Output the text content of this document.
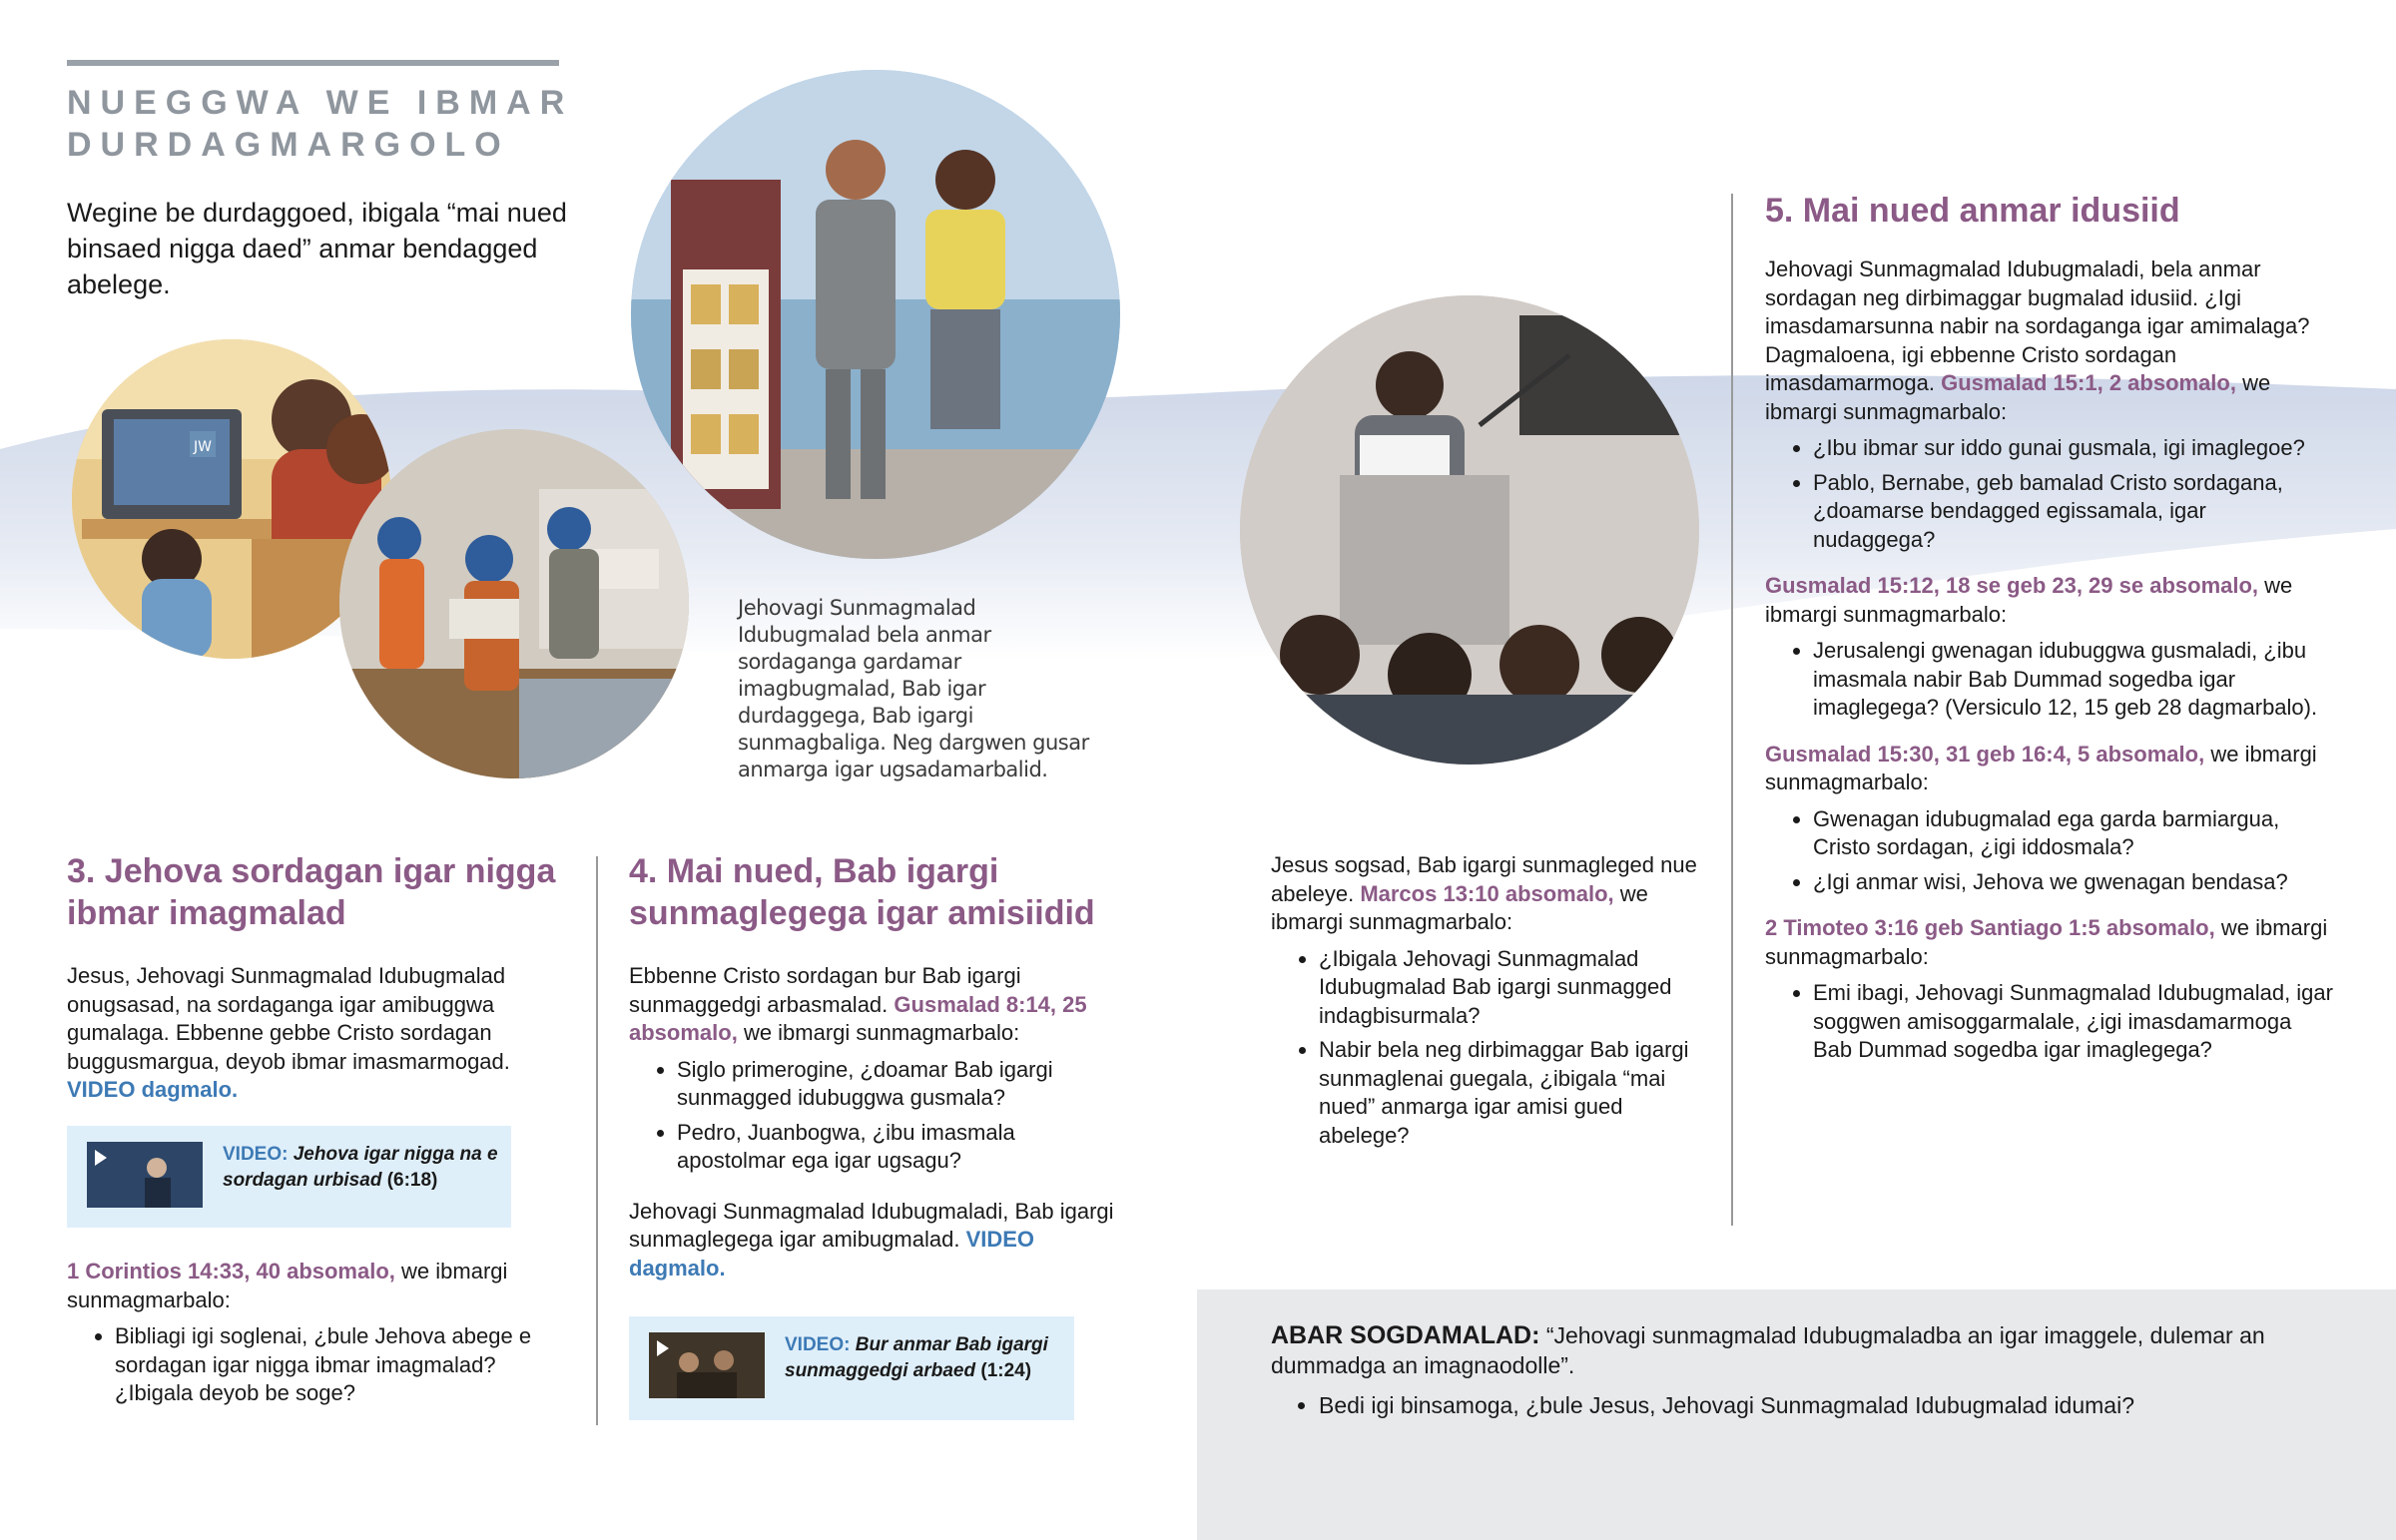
NUEGGWA WE IBMAR
DURDAGMARGOLO
Wegine be durdaggoed, ibigala “mai nued binsaed nigga daed” anmar bendagged abelege.
JW
Jehovagi Sunmagmalad Idubugmalad bela anmar sordaganga gardamar imagbugmalad, Bab igar durdaggega, Bab igargi sunmagbaliga. Neg dargwen gusar anmarga igar ugsadamarbalid.
3. Jehova sordagan igar nigga ibmar imagmalad

Jesus, Jehovagi Sunmagmalad Idubugmalad onugsasad, na sordaganga igar amibuggwa gumalaga. Ebbenne gebbe Cristo sordagan buggusmargua, deyob ibmar imasmarmogad. VIDEO dagmalo.

VIDEO: Jehova igar nigga na e sordagan urbisad (6:18)

1 Corintios 14:33, 40 absomalo, we ibmargi sunmagmarbalo:

• Bibliagi igi soglenai, ¿bule Jehova abege e sordagan igar nigga ibmar imagmalad? ¿Ibigala deyob be soge?
4. Mai nued, Bab igargi sunmaglegega igar amisiidid

Ebbenne Cristo sordagan bur Bab igargi sunmaggedgi arbasmalad. Gusmalad 8:14, 25 absomalo, we ibmargi sunmagmarbalo:

• Siglo primerogine, ¿doamar Bab igargi sunmagged idubuggwa gusmala?
• Pedro, Juanbogwa, ¿ibu imasmala apostolmar ega igar ugsagu?

Jehovagi Sunmagmalad Idubugmaladi, Bab igargi sunmaglegega igar amibugmalad. VIDEO dagmalo.

VIDEO: Bur anmar Bab igargi sunmaggedgi arbaed (1:24)

Jesus sogsad, Bab igargi sunmagleged nue abeleye. Marcos 13:10 absomalo, we ibmargi sunmagmarbalo:

• ¿Ibigala Jehovagi Sunmagmalad Idubugmalad Bab igargi sunmagged indagbisurmala?
• Nabir bela neg dirbimaggar Bab igargi sunmaglenai guegala, ¿ibigala “mai nued” anmarga igar amisi gued abelege?
5. Mai nued anmar idusiid

Jehovagi Sunmagmalad Idubugmaladi, bela anmar sordagan neg dirbimaggar bugmalad idusiid. ¿Igi imasdamarsunna nabir na sordaganga igar amimalaga? Dagmaloena, igi ebbenne Cristo sordagan imasdamarmoga. Gusmalad 15:1, 2 absomalo, we ibmargi sunmagmarbalo:

• ¿Ibu ibmar sur iddo gunai gusmala, igi imaglegoe?
• Pablo, Bernabe, geb bamalad Cristo sordagana, ¿doamarse bendagged egissamala, igar nudaggega?

Gusmalad 15:12, 18 se geb 23, 29 se absomalo, we ibmargi sunmagmarbalo:

• Jerusalengi gwenagan idubuggwa gusmaladi, ¿ibu imasmala nabir Bab Dummad sogedba igar imaglegega? (Versiculo 12, 15 geb 28 dagmarbalo).

Gusmalad 15:30, 31 geb 16:4, 5 absomalo, we ibmargi sunmagmarbalo:

• Gwenagan idubugmalad ega garda barmiargua, Cristo sordagan, ¿igi iddosmala?
• ¿Igi anmar wisi, Jehova we gwenagan bendasa?

2 Timoteo 3:16 geb Santiago 1:5 absomalo, we ibmargi sunmagmarbalo:

• Emi ibagi, Jehovagi Sunmagmalad Idubugmalad, igar soggwen amisoggarmalale, ¿igi imasdamarmoga Bab Dummad sogedba igar imaglegega?
ABAR SOGDAMALAD: “Jehovagi sunmagmalad Idubugmaladba an igar imaggele, dulemar an dummadga an imagnaodolle”.
• Bedi igi binsamoga, ¿bule Jesus, Jehovagi Sunmagmalad Idubugmalad idumai?
